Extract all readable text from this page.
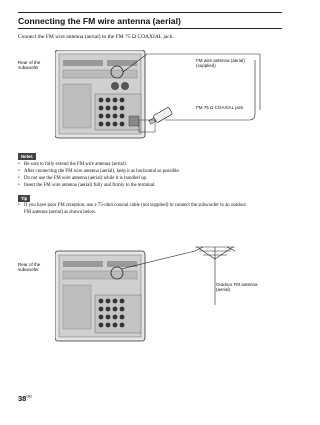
Connecting the FM wire antenna (aerial)
Connect the FM wire antenna (aerial) to the FM 75 Ω COAXIAL jack.
Rear of the
subwoofer
FM wire antenna (aerial)
(supplied)
FM 75 Ω COAXIAL jack
Notes
• Be sure to fully extend the FM wire antenna (aerial).
• After connecting the FM wire antenna (aerial), keep it as horizontal as possible.
• Do not use the FM wire antenna (aerial) while it is bundled up.
• Insert the FM wire antenna (aerial) fully and firmly to the terminal.
Tip
• If you have poor FM reception, use a 75-ohm coaxial cable (not supplied) to connect the subwoofer to an outdoor
FM antenna (aerial) as shown below.
Rear of the
subwoofer
Outdoor FM antenna
(aerial)
$38^{GB}$
